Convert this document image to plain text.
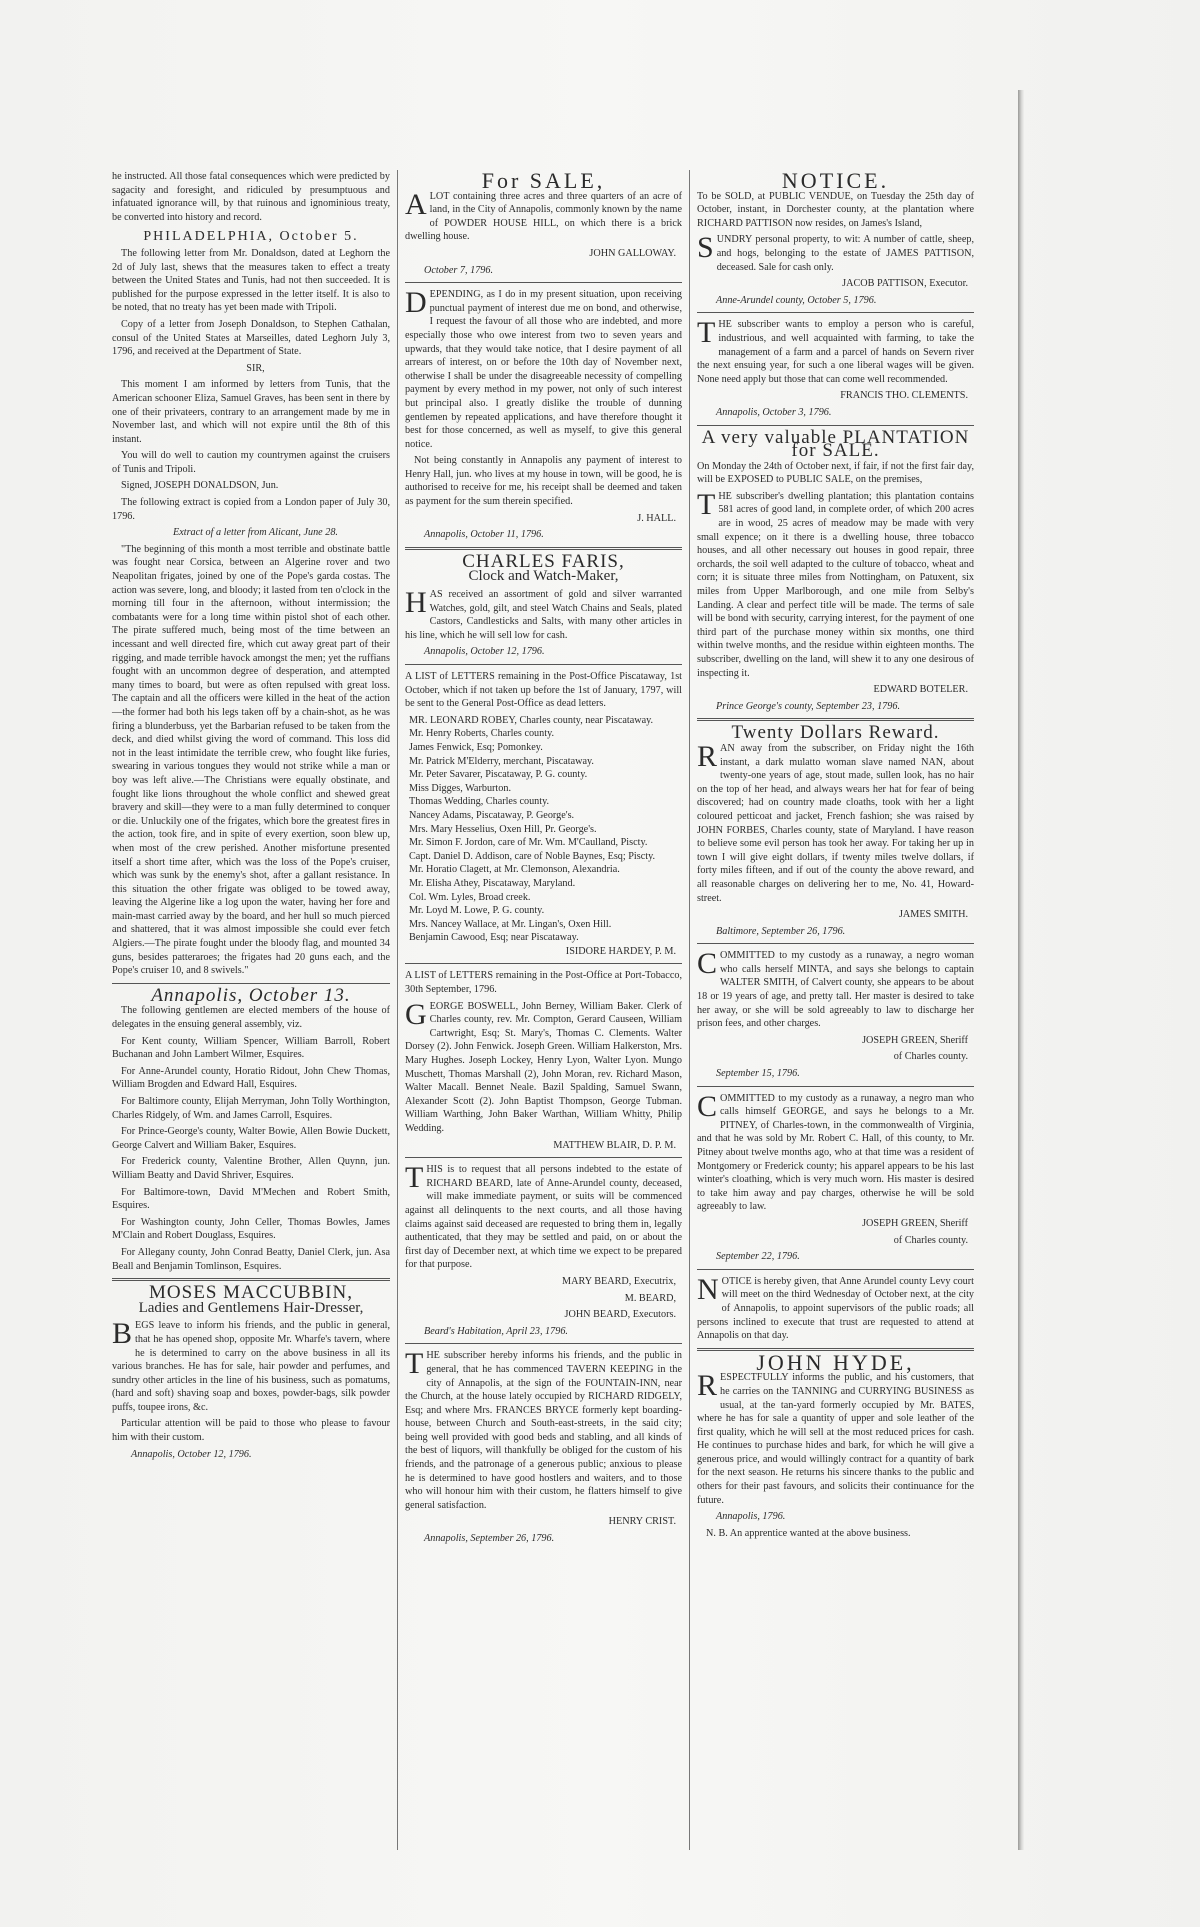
he instructed. All those fatal consequences which were predicted by sagacity and foresight, and ridiculed by presumptuous and infatuated ignorance will, by that ruinous and ignominious treaty, be converted into history and record.

PHILADELPHIA, October 5.

The following letter from Mr. Donaldson, dated at Leghorn the 2d of July last, shews that the measures taken to effect a treaty between the United States and Tunis, had not then succeeded. It is published for the purpose expressed in the letter itself. It is also to be noted, that no treaty has yet been made with Tripoli.

Copy of a letter from Joseph Donaldson, to Stephen Cathalan, consul of the United States at Marseilles, dated Leghorn July 3, 1796, and received at the Department of State.

SIR,

This moment I am informed by letters from Tunis, that the American schooner Eliza, Samuel Graves, has been sent in there by one of their privateers, contrary to an arrangement made by me in November last, and which will not expire until the 8th of this instant.

You will do well to caution my countrymen against the cruisers of Tunis and Tripoli.

Signed, JOSEPH DONALDSON, Jun.

The following extract is copied from a London paper of July 30, 1796.

Extract of a letter from Alicant, June 28.

"The beginning of this month a most terrible and obstinate battle was fought near Corsica, between an Algerine rover and two Neapolitan frigates, joined by one of the Pope's garda costas. The action was severe, long, and bloody; it lasted from ten o'clock in the morning till four in the afternoon, without intermission; the combatants were for a long time within pistol shot of each other. The pirate suffered much, being most of the time between an incessant and well directed fire, which cut away great part of their rigging, and made terrible havock amongst the men; yet the ruffians fought with an uncommon degree of desperation, and attempted many times to board, but were as often repulsed with great loss. The captain and all the officers were killed in the heat of the action —the former had both his legs taken off by a chain-shot, as he was firing a blunderbuss, yet the Barbarian refused to be taken from the deck, and died whilst giving the word of command. This loss did not in the least intimidate the terrible crew, who fought like furies, swearing in various tongues they would not strike while a man or boy was left alive.—The Christians were equally obstinate, and fought like lions throughout the whole conflict and shewed great bravery and skill—they were to a man fully determined to conquer or die. Unluckily one of the frigates, which bore the greatest fires in the action, took fire, and in spite of every exertion, soon blew up, when most of the crew perished. Another misfortune presented itself a short time after, which was the loss of the Pope's cruiser, which was sunk by the enemy's shot, after a gallant resistance. In this situation the other frigate was obliged to be towed away, leaving the Algerine like a log upon the water, having her fore and main-mast carried away by the board, and her hull so much pierced and shattered, that it was almost impossible she could ever fetch Algiers.—The pirate fought under the bloody flag, and mounted 34 guns, besides patteraroes; the frigates had 20 guns each, and the Pope's cruiser 10, and 8 swivels."

Annapolis, October 13.

The following gentlemen are elected members of the house of delegates in the ensuing general assembly, viz.

For Kent county, William Spencer, William Barroll, Robert Buchanan and John Lambert Wilmer, Esquires.

For Anne-Arundel county, Horatio Ridout, John Chew Thomas, William Brogden and Edward Hall, Esquires.

For Baltimore county, Elijah Merryman, John Tolly Worthington, Charles Ridgely, of Wm. and James Carroll, Esquires.

For Prince-George's county, Walter Bowie, Allen Bowie Duckett, George Calvert and William Baker, Esquires.

For Frederick county, Valentine Brother, Allen Quynn, jun. William Beatty and David Shriver, Esquires.

For Baltimore-town, David M'Mechen and Robert Smith, Esquires.

For Washington county, John Celler, Thomas Bowles, James M'Clain and Robert Douglass, Esquires.

For Allegany county, John Conrad Beatty, Daniel Clerk, jun. Asa Beall and Benjamin Tomlinson, Esquires.

MOSES MACCUBBIN,
Ladies and Gentlemens Hair-Dresser,

BEGS leave to inform his friends, and the public in general, that he has opened shop, opposite Mr. Wharfe's tavern, where he is determined to carry on the above business in all its various branches. He has for sale, hair powder and perfumes, and sundry other articles in the line of his business, such as pomatums, (hard and soft) shaving soap and boxes, powder-bags, silk powder puffs, toupee irons, &c.

Particular attention will be paid to those who please to favour him with their custom.

Annapolis, October 12, 1796.

For SALE,

ALOT containing three acres and three quarters of an acre of land, in the City of Annapolis, commonly known by the name of POWDER HOUSE HILL, on which there is a brick dwelling house.

JOHN GALLOWAY.

October 7, 1796.

DEPENDING, as I do in my present situation, upon receiving punctual payment of interest due me on bond, and otherwise, I request the favour of all those who are indebted, and more especially those who owe interest from two to seven years and upwards, that they would take notice, that I desire payment of all arrears of interest, on or before the 10th day of November next, otherwise I shall be under the disagreeable necessity of compelling payment by every method in my power, not only of such interest but principal also. I greatly dislike the trouble of dunning gentlemen by repeated applications, and have therefore thought it best for those concerned, as well as myself, to give this general notice.

Not being constantly in Annapolis any payment of interest to Henry Hall, jun. who lives at my house in town, will be good, he is authorised to receive for me, his receipt shall be deemed and taken as payment for the sum therein specified.

J. HALL.

Annapolis, October 11, 1796.

CHARLES FARIS,
Clock and Watch-Maker,

HAS received an assortment of gold and silver warranted Watches, gold, gilt, and steel Watch Chains and Seals, plated Castors, Candlesticks and Salts, with many other articles in his line, which he will sell low for cash.

Annapolis, October 12, 1796.

A LIST of LETTERS remaining in the Post-Office Piscataway, 1st October, which if not taken up before the 1st of January, 1797, will be sent to the General Post-Office as dead letters.

MR. LEONARD ROBEY, Charles county, near Piscataway.
Mr. Henry Roberts, Charles county.
James Fenwick, Esq; Pomonkey.
Mr. Patrick M'Elderry, merchant, Piscataway.
Mr. Peter Savarer, Piscataway, P. G. county.
Miss Digges, Warburton.
Thomas Wedding, Charles county.
Nancey Adams, Piscataway, P. George's.
Mrs. Mary Hesselius, Oxen Hill, Pr. George's.
Mr. Simon F. Jordon, care of Mr. Wm. M'Caulland, Piscty.
Capt. Daniel D. Addison, care of Noble Baynes, Esq; Piscty.
Mr. Horatio Clagett, at Mr. Clemonson, Alexandria.
Mr. Elisha Athey, Piscataway, Maryland.
Col. Wm. Lyles, Broad creek.
Mr. Loyd M. Lowe, P. G. county.
Mrs. Nancey Wallace, at Mr. Lingan's, Oxen Hill.
Benjamin Cawood, Esq; near Piscataway.

ISIDORE HARDEY, P. M.

A LIST of LETTERS remaining in the Post-Office at Port-Tobacco, 30th September, 1796.

GEORGE BOSWELL, John Berney, William Baker. Clerk of Charles county, rev. Mr. Compton, Gerard Causeen, William Cartwright, Esq; St. Mary's, Thomas C. Clements. Walter Dorsey (2). John Fenwick. Joseph Green. William Halkerston, Mrs. Mary Hughes. Joseph Lockey, Henry Lyon, Walter Lyon. Mungo Muschett, Thomas Marshall (2), John Moran, rev. Richard Mason, Walter Macall. Bennet Neale. Bazil Spalding, Samuel Swann, Alexander Scott (2). John Baptist Thompson, George Tubman. William Warthing, John Baker Warthan, William Whitty, Philip Wedding.

MATTHEW BLAIR, D. P. M.

THIS is to request that all persons indebted to the estate of RICHARD BEARD, late of Anne-Arundel county, deceased, will make immediate payment, or suits will be commenced against all delinquents to the next courts, and all those having claims against said deceased are requested to bring them in, legally authenticated, that they may be settled and paid, on or about the first day of December next, at which time we expect to be prepared for that purpose.

MARY BEARD, Executrix,

M. BEARD,

JOHN BEARD, Executors.

Beard's Habitation, April 23, 1796.

THE subscriber hereby informs his friends, and the public in general, that he has commenced TAVERN KEEPING in the city of Annapolis, at the sign of the FOUNTAIN-INN, near the Church, at the house lately occupied by RICHARD RIDGELY, Esq; and where Mrs. FRANCES BRYCE formerly kept boarding-house, between Church and South-east-streets, in the said city; being well provided with good beds and stabling, and all kinds of the best of liquors, will thankfully be obliged for the custom of his friends, and the patronage of a generous public; anxious to please he is determined to have good hostlers and waiters, and to those who will honour him with their custom, he flatters himself to give general satisfaction.

HENRY CRIST.

Annapolis, September 26, 1796.

NOTICE.

To be SOLD, at PUBLIC VENDUE, on Tuesday the 25th day of October, instant, in Dorchester county, at the plantation where RICHARD PATTISON now resides, on James's Island,

SUNDRY personal property, to wit: A number of cattle, sheep, and hogs, belonging to the estate of JAMES PATTISON, deceased. Sale for cash only.

JACOB PATTISON, Executor.

Anne-Arundel county, October 5, 1796.

THE subscriber wants to employ a person who is careful, industrious, and well acquainted with farming, to take the management of a farm and a parcel of hands on Severn river the next ensuing year, for such a one liberal wages will be given. None need apply but those that can come well recommended.

FRANCIS THO. CLEMENTS.

Annapolis, October 3, 1796.

A very valuable PLANTATION for SALE.

On Monday the 24th of October next, if fair, if not the first fair day, will be EXPOSED to PUBLIC SALE, on the premises,

THE subscriber's dwelling plantation; this plantation contains 581 acres of good land, in complete order, of which 200 acres are in wood, 25 acres of meadow may be made with very small expence; on it there is a dwelling house, three tobacco houses, and all other necessary out houses in good repair, three orchards, the soil well adapted to the culture of tobacco, wheat and corn; it is situate three miles from Nottingham, on Patuxent, six miles from Upper Marlborough, and one mile from Selby's Landing. A clear and perfect title will be made. The terms of sale will be bond with security, carrying interest, for the payment of one third part of the purchase money within six months, one third within twelve months, and the residue within eighteen months. The subscriber, dwelling on the land, will shew it to any one desirous of inspecting it.

EDWARD BOTELER.

Prince George's county, September 23, 1796.

Twenty Dollars Reward.

RAN away from the subscriber, on Friday night the 16th instant, a dark mulatto woman slave named NAN, about twenty-one years of age, stout made, sullen look, has no hair on the top of her head, and always wears her hat for fear of being discovered; had on country made cloaths, took with her a light coloured petticoat and jacket, French fashion; she was raised by JOHN FORBES, Charles county, state of Maryland. I have reason to believe some evil person has took her away. For taking her up in town I will give eight dollars, if twenty miles twelve dollars, if forty miles fifteen, and if out of the county the above reward, and all reasonable charges on delivering her to me, No. 41, Howard-street.

JAMES SMITH.

Baltimore, September 26, 1796.

COMMITTED to my custody as a runaway, a negro woman who calls herself MINTA, and says she belongs to captain WALTER SMITH, of Calvert county, she appears to be about 18 or 19 years of age, and pretty tall. Her master is desired to take her away, or she will be sold agreeably to law to discharge her prison fees, and other charges.

JOSEPH GREEN, Sheriff

of Charles county.

September 15, 1796.

COMMITTED to my custody as a runaway, a negro man who calls himself GEORGE, and says he belongs to a Mr. PITNEY, of Charles-town, in the commonwealth of Virginia, and that he was sold by Mr. Robert C. Hall, of this county, to Mr. Pitney about twelve months ago, who at that time was a resident of Montgomery or Frederick county; his apparel appears to be his last winter's cloathing, which is very much worn. His master is desired to take him away and pay charges, otherwise he will be sold agreeably to law.

JOSEPH GREEN, Sheriff

of Charles county.

September 22, 1796.

NOTICE is hereby given, that Anne Arundel county Levy court will meet on the third Wednesday of October next, at the city of Annapolis, to appoint supervisors of the public roads; all persons inclined to execute that trust are requested to attend at Annapolis on that day.

JOHN HYDE,

RESPECTFULLY informs the public, and his customers, that he carries on the TANNING and CURRYING BUSINESS as usual, at the tan-yard formerly occupied by Mr. BATES, where he has for sale a quantity of upper and sole leather of the first quality, which he will sell at the most reduced prices for cash. He continues to purchase hides and bark, for which he will give a generous price, and would willingly contract for a quantity of bark for the next season. He returns his sincere thanks to the public and others for their past favours, and solicits their continuance for the future.

Annapolis, 1796.

N. B. An apprentice wanted at the above business.
